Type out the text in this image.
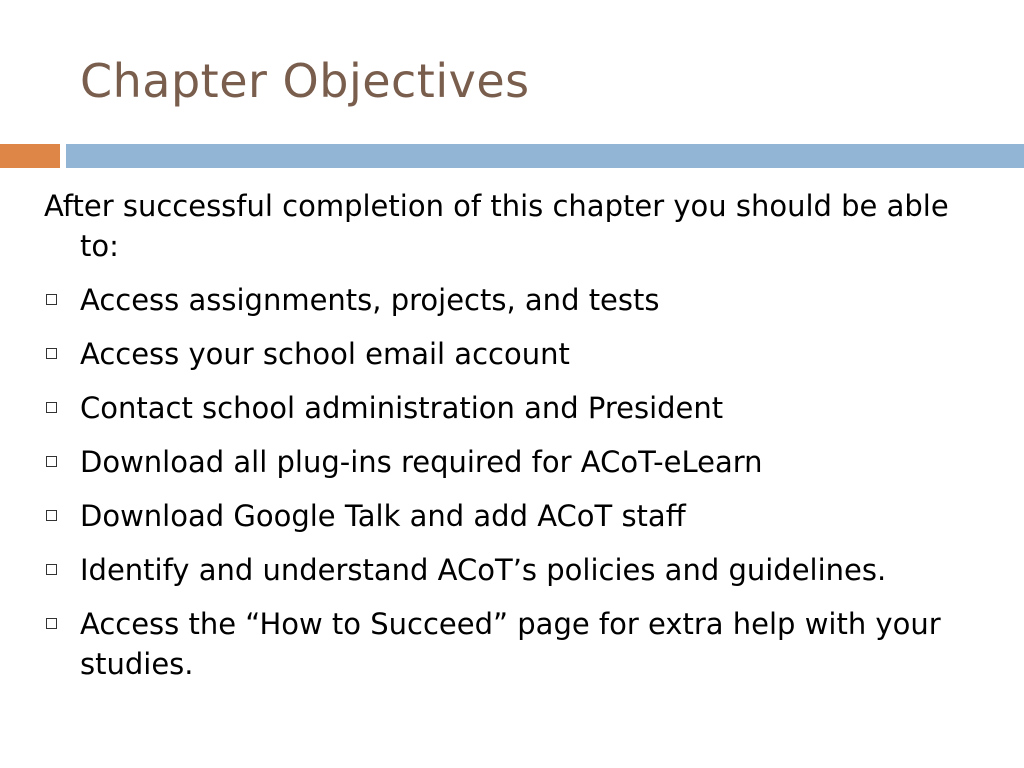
Chapter Objectives

After successful completion of this chapter you should be able to:

Access assignments, projects, and tests
Access your school email account
Contact school administration and President
Download all plug-ins required for ACoT-eLearn
Download Google Talk and add ACoT staff
Identify and understand ACoT’s policies and guidelines.
Access the “How to Succeed” page for extra help with your studies.
